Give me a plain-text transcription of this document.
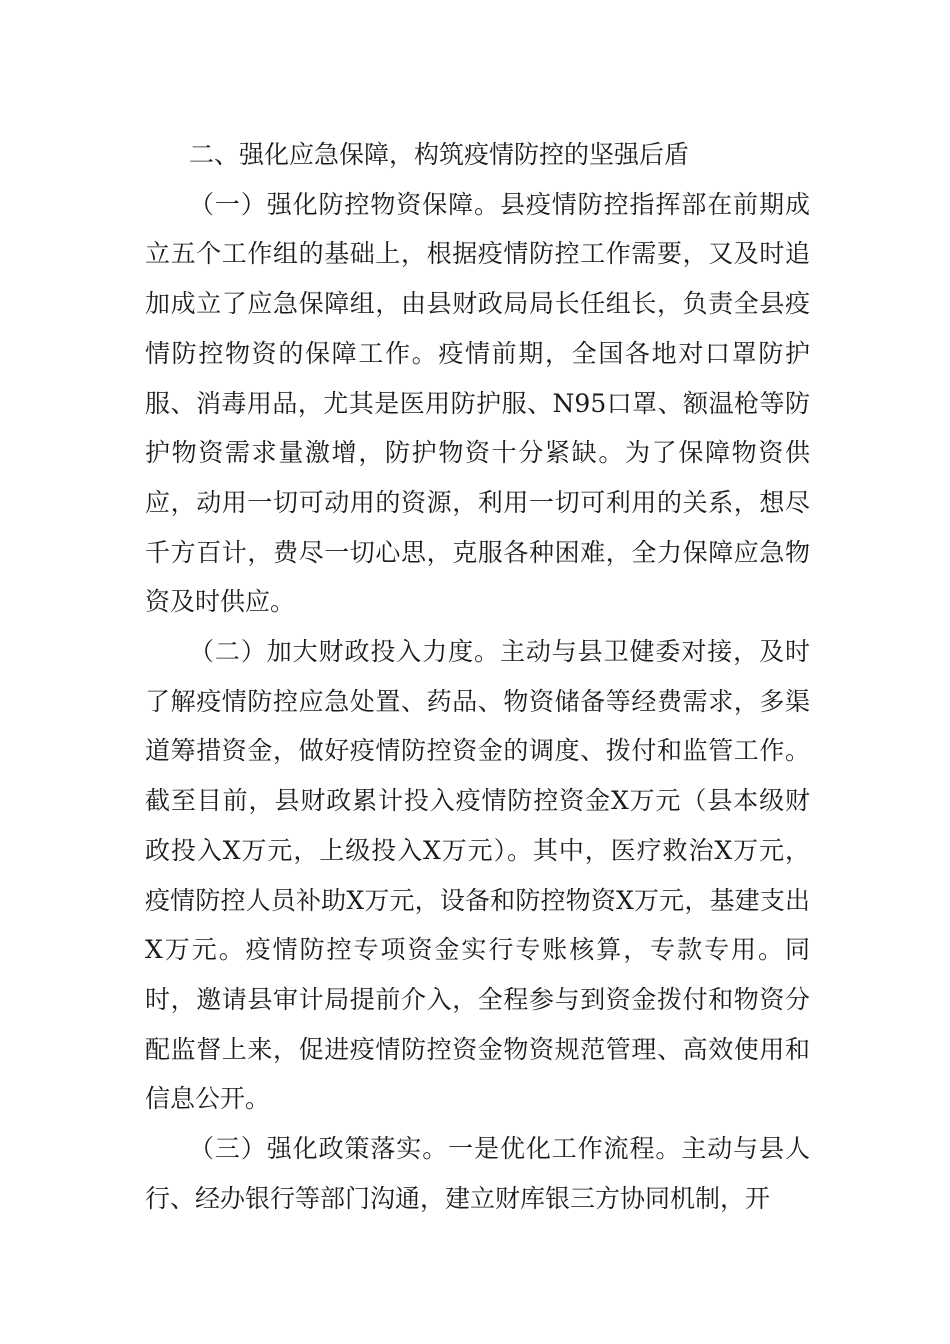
二、强化应急保障，构筑疫情防控的坚强后盾

（一）强化防控物资保障。县疫情防控指挥部在前期成立五个工作组的基础上，根据疫情防控工作需要，又及时追加成立了应急保障组，由县财政局局长任组长，负责全县疫情防控物资的保障工作。疫情前期，全国各地对口罩防护服、消毒用品，尤其是医用防护服、N95口罩、额温枪等防护物资需求量激增，防护物资十分紧缺。为了保障物资供应，动用一切可动用的资源，利用一切可利用的关系，想尽千方百计，费尽一切心思，克服各种困难，全力保障应急物资及时供应。

（二）加大财政投入力度。主动与县卫健委对接，及时了解疫情防控应急处置、药品、物资储备等经费需求，多渠道筹措资金，做好疫情防控资金的调度、拨付和监管工作。截至目前，县财政累计投入疫情防控资金X万元（县本级财政投入X万元，上级投入X万元）。其中，医疗救治X万元，疫情防控人员补助X万元，设备和防控物资X万元，基建支出X万元。疫情防控专项资金实行专账核算，专款专用。同时，邀请县审计局提前介入，全程参与到资金拨付和物资分配监督上来，促进疫情防控资金物资规范管理、高效使用和信息公开。

（三）强化政策落实。一是优化工作流程。主动与县人行、经办银行等部门沟通，建立财库银三方协同机制，开
